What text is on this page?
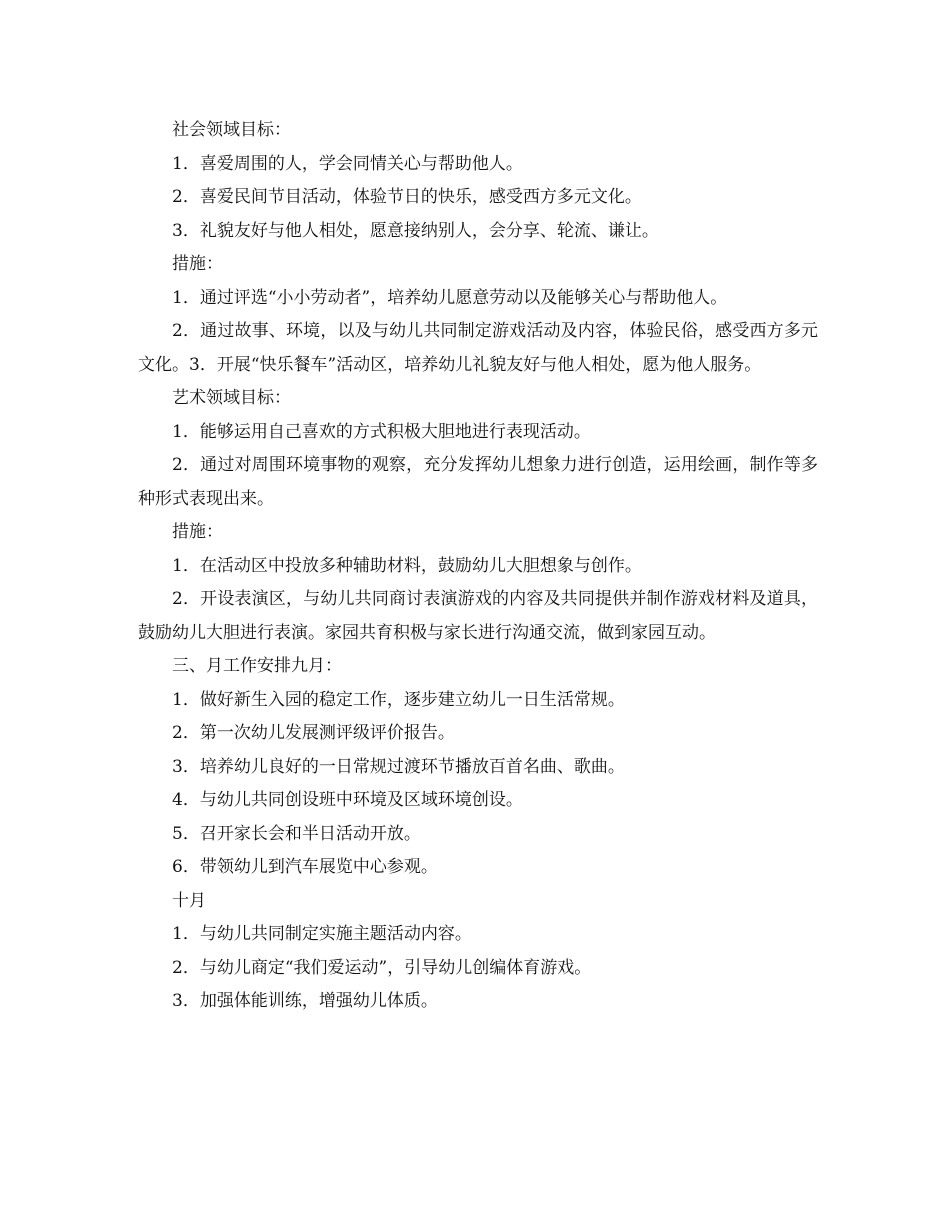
社会领域目标：

1．喜爱周围的人，学会同情关心与帮助他人。

2．喜爱民间节目活动，体验节日的快乐，感受西方多元文化。

3．礼貌友好与他人相处，愿意接纳别人，会分享、轮流、谦让。

措施：

1．通过评选“小小劳动者”，培养幼儿愿意劳动以及能够关心与帮助他人。

2．通过故事、环境，以及与幼儿共同制定游戏活动及内容，体验民俗，感受西方多元文化。3．开展“快乐餐车”活动区，培养幼儿礼貌友好与他人相处，愿为他人服务。

艺术领域目标：

1．能够运用自己喜欢的方式积极大胆地进行表现活动。

2．通过对周围环境事物的观察，充分发挥幼儿想象力进行创造，运用绘画，制作等多种形式表现出来。

措施：

1．在活动区中投放多种辅助材料，鼓励幼儿大胆想象与创作。

2．开设表演区，与幼儿共同商讨表演游戏的内容及共同提供并制作游戏材料及道具，鼓励幼儿大胆进行表演。家园共育积极与家长进行沟通交流，做到家园互动。

三、月工作安排九月：

1．做好新生入园的稳定工作，逐步建立幼儿一日生活常规。

2．第一次幼儿发展测评级评价报告。

3．培养幼儿良好的一日常规过渡环节播放百首名曲、歌曲。

4．与幼儿共同创设班中环境及区域环境创设。

5．召开家长会和半日活动开放。

6．带领幼儿到汽车展览中心参观。

十月

1．与幼儿共同制定实施主题活动内容。

2．与幼儿商定“我们爱运动”，引导幼儿创编体育游戏。

3．加强体能训练，增强幼儿体质。
